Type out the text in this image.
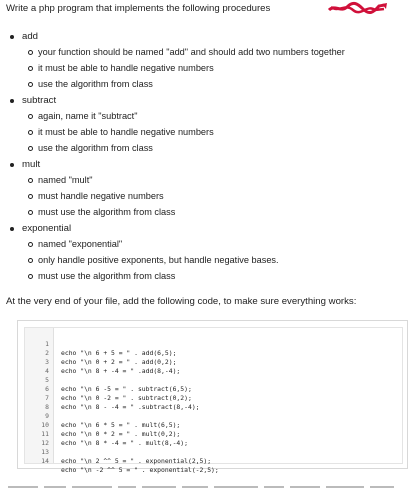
Write a php program that implements the following procedures
add
your function should be named "add" and should add two numbers together
it must be able to handle negative numbers
use the algorithm from class
subtract
again, name it "subtract"
it must be able to handle negative numbers
use the algorithm from class
mult
named "mult"
must handle negative numbers
must use the algorithm from class
exponential
named "exponential"
only handle positive exponents, but handle negative bases.
must use the algorithm from class
At the very end of your file, add the following code, to make sure everything works:

1

echo "\n 6 + 5 = " . add(6,5);

2

echo "\n 0 + 2 = " . add(0,2);

3

echo "\n 8 + -4 = " .add(8,-4);

4

5

echo "\n 6 -5 = " . subtract(6,5);

6

echo "\n 0 -2 = " . subtract(0,2);

7

echo "\n 8 - -4 = " .subtract(8,-4);

8

9

echo "\n 6 * 5 = " . mult(6,5);

10

echo "\n 0 * 2 = " . mult(0,2);

11

echo "\n 8 * -4 = " . mult(8,-4);

12

13

echo "\n 2 ^^ 5 = " . exponential(2,5);

14

echo "\n -2 ^^ 5 = " . exponential(-2,5);
